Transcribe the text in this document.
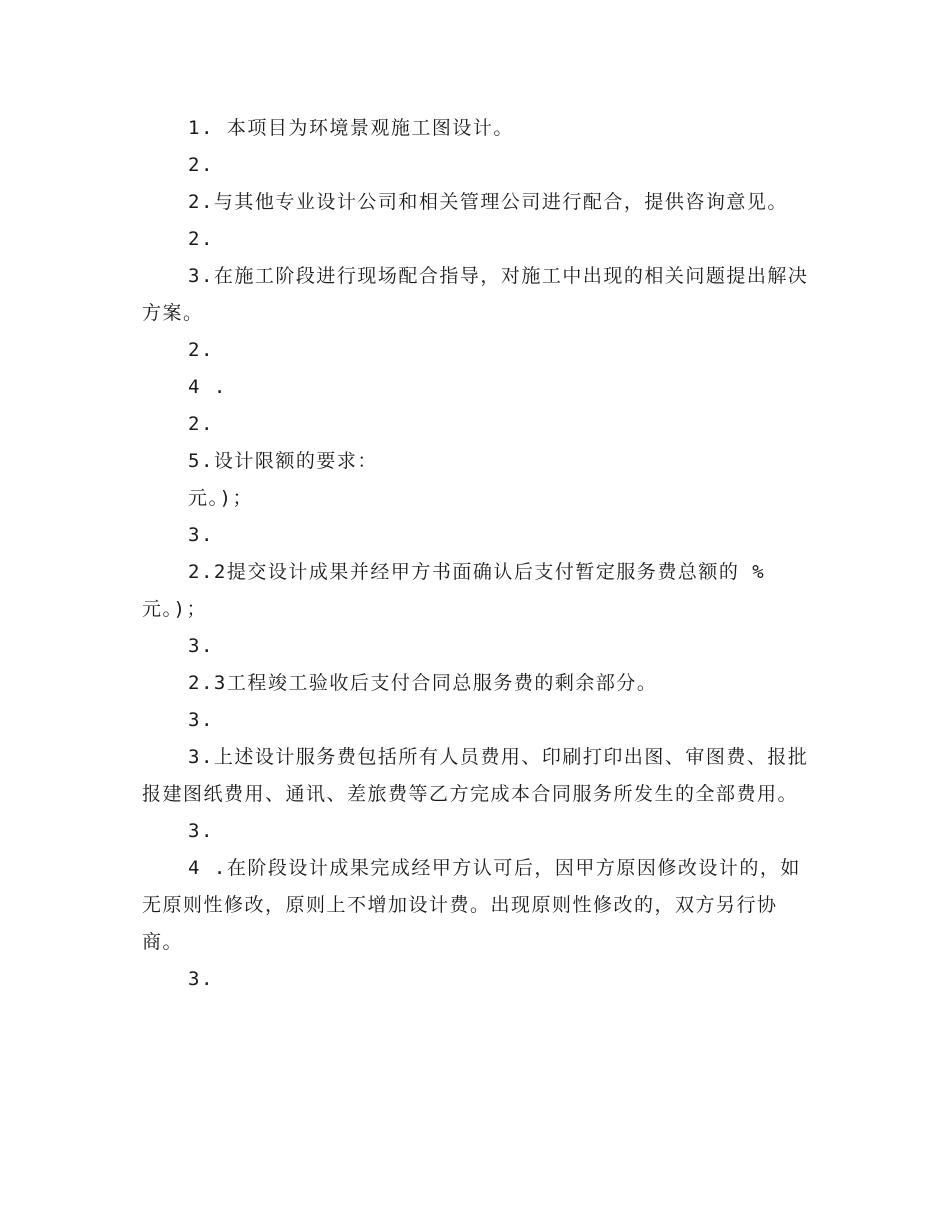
1. 本项目为环境景观施工图设计。

2.

2.与其他专业设计公司和相关管理公司进行配合，提供咨询意见。

2.

3.在施工阶段进行现场配合指导，对施工中出现的相关问题提出解决方案。

2.

4 .

2.

5.设计限额的要求：

元。)；

3.

2.2提交设计成果并经甲方书面确认后支付暂定服务费总额的 %元。)；

3.

2.3工程竣工验收后支付合同总服务费的剩余部分。

3.

3.上述设计服务费包括所有人员费用、印刷打印出图、审图费、报批报建图纸费用、通讯、差旅费等乙方完成本合同服务所发生的全部费用。

3.

4 .在阶段设计成果完成经甲方认可后，因甲方原因修改设计的，如无原则性修改，原则上不增加设计费。出现原则性修改的，双方另行协商。

3.
